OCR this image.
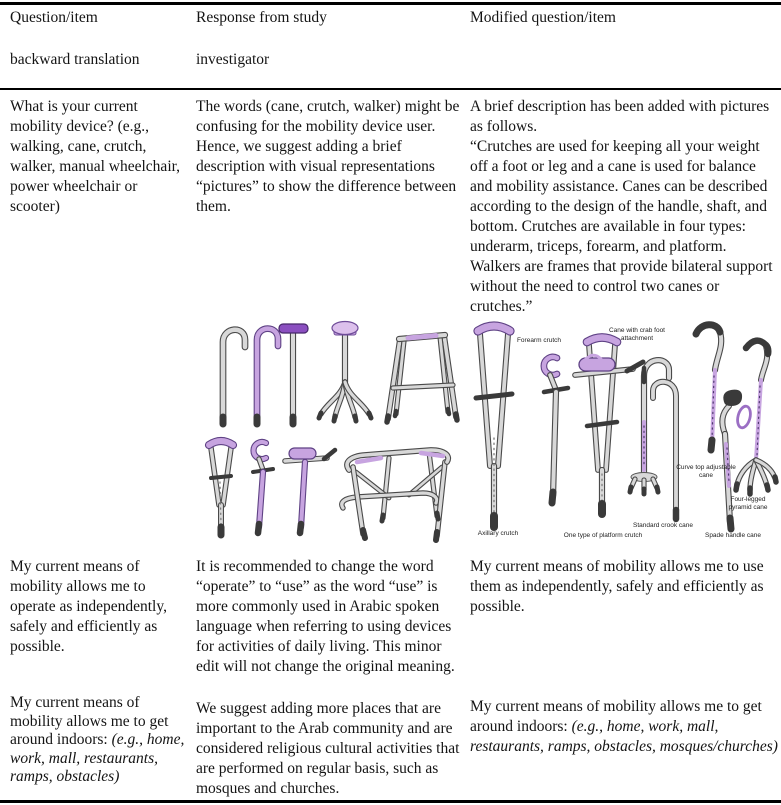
Question/item
backward translation
Response from study
investigator
Modified question/item
What is your current mobility device? (e.g., walking, cane, crutch, walker, manual wheelchair, power wheelchair or scooter)
The words (cane, crutch, walker) might be confusing for the mobility device user. Hence, we suggest adding a brief description with visual representations “pictures” to show the difference between them.
A brief description has been added with pictures as follows.
“Crutches are used for keeping all your weight off a foot or leg and a cane is used for balance and mobility assistance. Canes can be described according to the design of the handle, shaft, and bottom. Crutches are available in four types: underarm, triceps, forearm, and platform. Walkers are frames that provide bilateral support without the need to control two canes or crutches.”
Forearm crutch
Cane with crab foot attachment
Curve top adjustable cane
Four-legged pyramid cane
Axillary crutch	One type of platform crutch
Standard crook cane
Spade handle cane
My current means of mobility allows me to operate as independently, safely and efficiently as possible.
It is recommended to change the word “operate” to “use” as the word “use” is more commonly used in Arabic spoken language when referring to using devices for activities of daily living. This minor edit will not change the original meaning.
My current means of mobility allows me to use them as independently, safely and efficiently as possible.
My current means of mobility allows me to get around indoors: (e.g., home, work, mall, restaurants, ramps, obstacles)
We suggest adding more places that are important to the Arab community and are considered religious cultural activities that are performed on regular basis, such as mosques and churches.
My current means of mobility allows me to get around indoors: (e.g., home, work, mall, restaurants, ramps, obstacles, mosques/churches)
